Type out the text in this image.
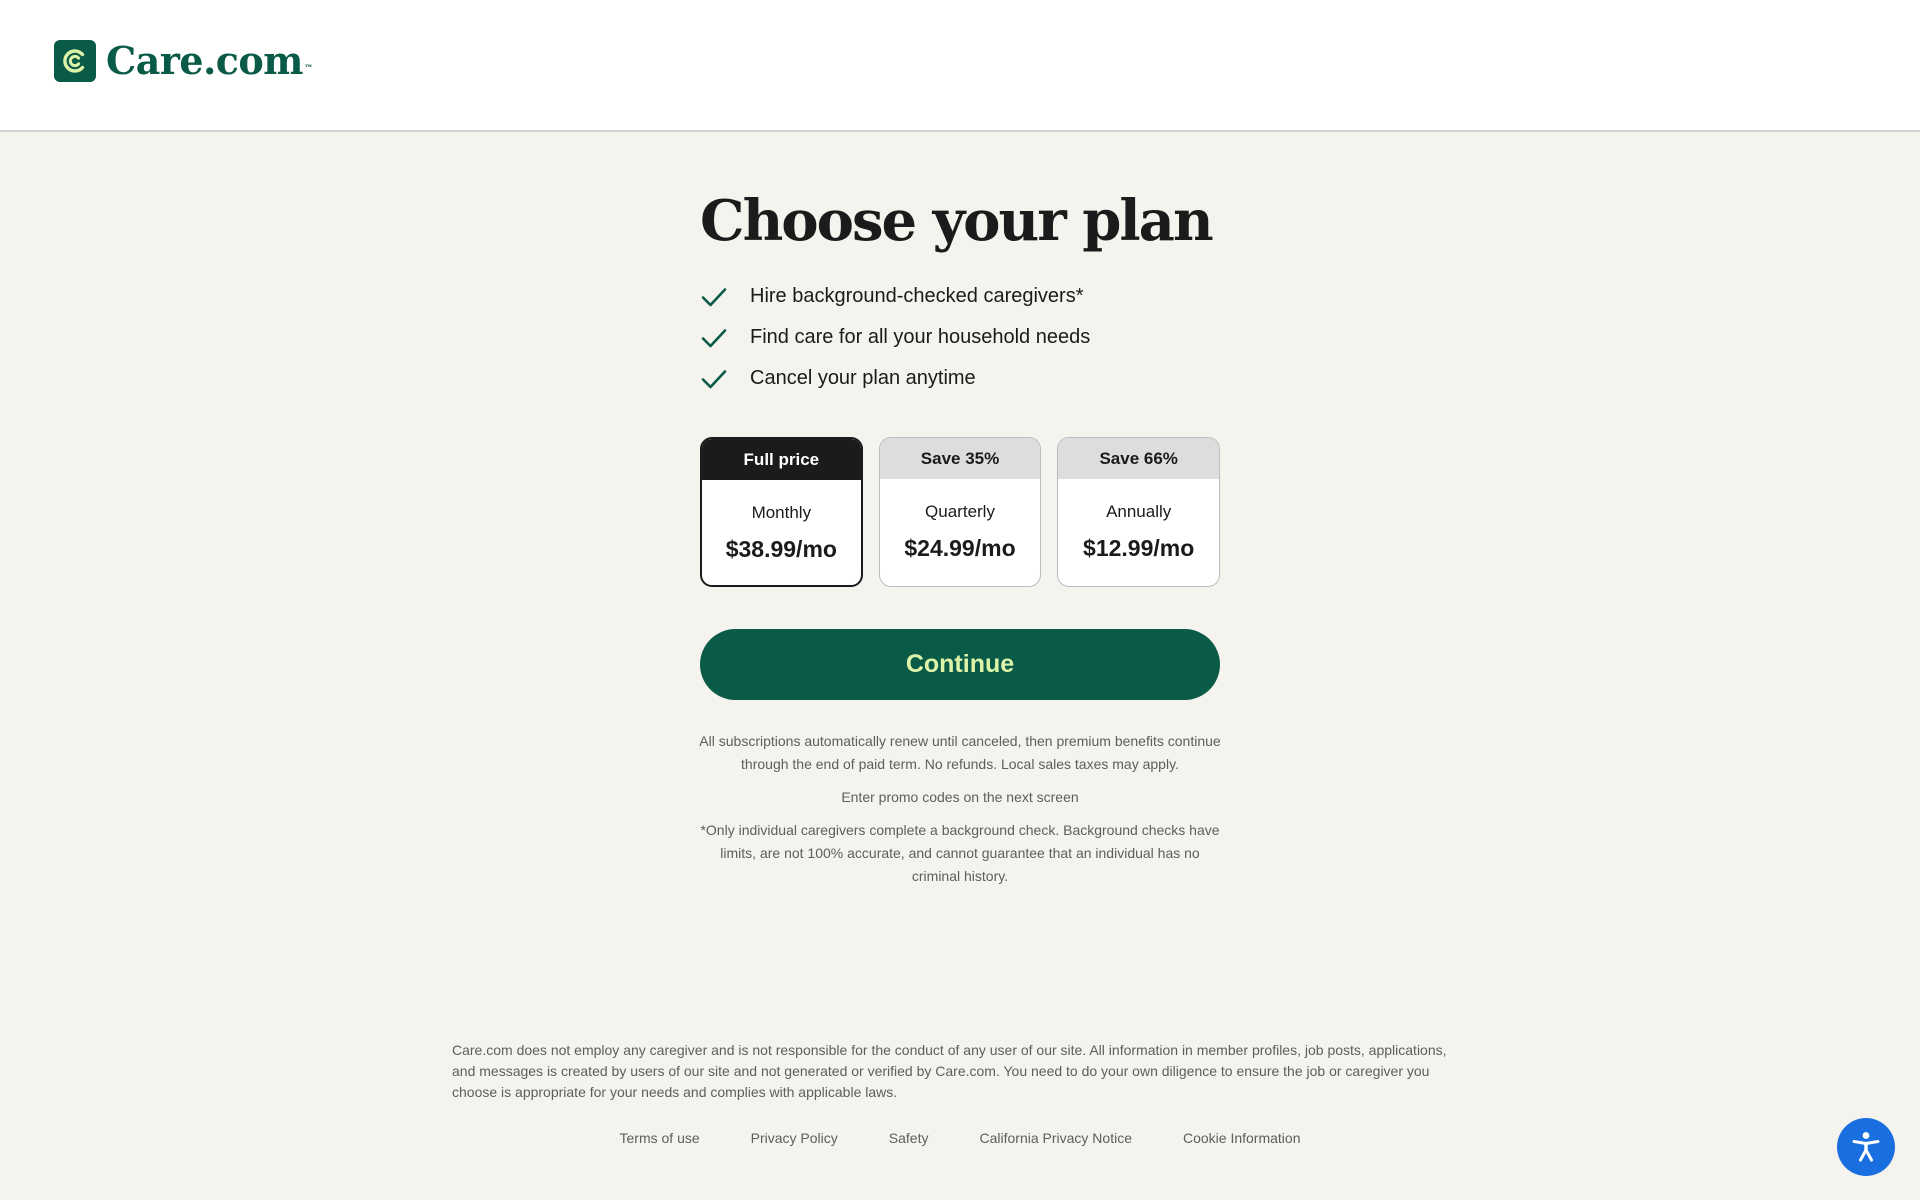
Care.com™
Choose your plan
Hire background-checked caregivers*
Find care for all your household needs
Cancel your plan anytime
Full price
Monthly
$38.99/mo
Save 35%
Quarterly
$24.99/mo
Save 66%
Annually
$12.99/mo
Continue

All subscriptions automatically renew until canceled, then premium benefits continue through the end of paid term. No refunds. Local sales taxes may apply.

Enter promo codes on the next screen

*Only individual caregivers complete a background check. Background checks have limits, are not 100% accurate, and cannot guarantee that an individual has no criminal history.

Care.com does not employ any caregiver and is not responsible for the conduct of any user of our site. All information in member profiles, job posts, applications, and messages is created by users of our site and not generated or verified by Care.com. You need to do your own diligence to ensure the job or caregiver you choose is appropriate for your needs and complies with applicable laws.

Terms of use	Privacy Policy	Safety	California Privacy Notice	Cookie Information
